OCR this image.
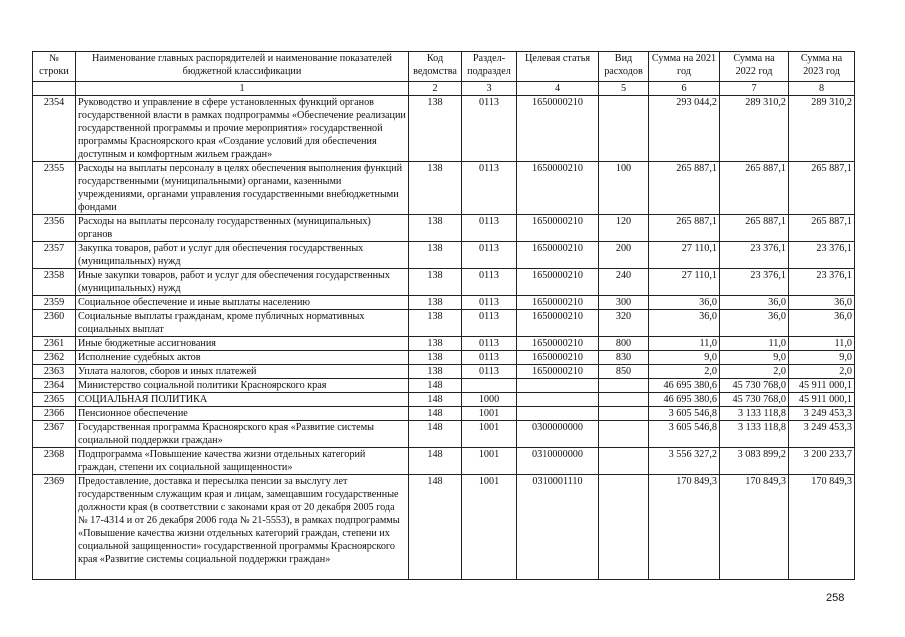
№ строки	Наименование главных распорядителей и наименование показателей бюджетной классификации	Код ведомства	Раздел-подраздел	Целевая статья	Вид расходов	Сумма на 2021 год	Сумма на 2022 год	Сумма на 2023 год
	1	2	3	4	5	6	7	8
2354	Руководство и управление в сфере установленных функций органов государственной власти в рамках подпрограммы «Обеспечение реализации государственной программы и прочие мероприятия» государственной программы Красноярского края «Создание условий для обеспечения доступным и комфортным жильем граждан»	138	0113	1650000210		293 044,2	289 310,2	289 310,2
2355	Расходы на выплаты персоналу в целях обеспечения выполнения функций государственными (муниципальными) органами, казенными учреждениями, органами управления государственными внебюджетными фондами	138	0113	1650000210	100	265 887,1	265 887,1	265 887,1
2356	Расходы на выплаты персоналу государственных (муниципальных) органов	138	0113	1650000210	120	265 887,1	265 887,1	265 887,1
2357	Закупка товаров, работ и услуг для обеспечения государственных (муниципальных) нужд	138	0113	1650000210	200	27 110,1	23 376,1	23 376,1
2358	Иные закупки товаров, работ и услуг для обеспечения государственных (муниципальных) нужд	138	0113	1650000210	240	27 110,1	23 376,1	23 376,1
2359	Социальное обеспечение и иные выплаты населению	138	0113	1650000210	300	36,0	36,0	36,0
2360	Социальные выплаты гражданам, кроме публичных нормативных социальных выплат	138	0113	1650000210	320	36,0	36,0	36,0
2361	Иные бюджетные ассигнования	138	0113	1650000210	800	11,0	11,0	11,0
2362	Исполнение судебных актов	138	0113	1650000210	830	9,0	9,0	9,0
2363	Уплата налогов, сборов и иных платежей	138	0113	1650000210	850	2,0	2,0	2,0
2364	Министерство социальной политики Красноярского края	148				46 695 380,6	45 730 768,0	45 911 000,1
2365	СОЦИАЛЬНАЯ ПОЛИТИКА	148	1000			46 695 380,6	45 730 768,0	45 911 000,1
2366	Пенсионное обеспечение	148	1001			3 605 546,8	3 133 118,8	3 249 453,3
2367	Государственная программа Красноярского края «Развитие системы социальной поддержки граждан»	148	1001	0300000000		3 605 546,8	3 133 118,8	3 249 453,3
2368	Подпрограмма «Повышение качества жизни отдельных категорий граждан, степени их социальной защищенности»	148	1001	0310000000		3 556 327,2	3 083 899,2	3 200 233,7
2369	Предоставление, доставка и пересылка пенсии за выслугу лет государственным служащим края и лицам, замещавшим государственные должности края (в соответствии с законами края от 20 декабря 2005 года № 17-4314 и от 26 декабря 2006 года № 21-5553), в рамках подпрограммы «Повышение качества жизни отдельных категорий граждан, степени их социальной защищенности» государственной программы Красноярского края «Развитие системы социальной поддержки граждан»	148	1001	0310001110		170 849,3	170 849,3	170 849,3
258
